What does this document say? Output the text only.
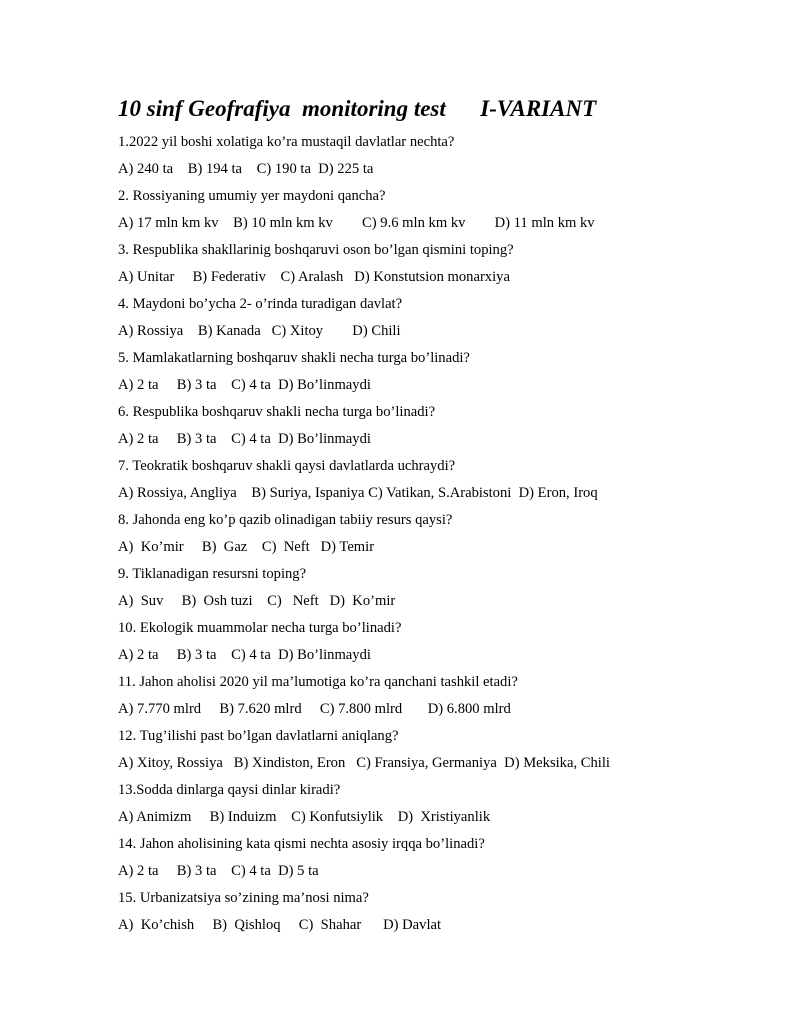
10 sinf Geofrafiya  monitoring test      I-VARIANT
1.2022 yil boshi xolatiga ko’ra mustaqil davlatlar nechta?
A) 240 ta    B) 194 ta    C) 190 ta  D) 225 ta
2. Rossiyaning umumiy yer maydoni qancha?
A) 17 mln km kv    B) 10 mln km kv        C) 9.6 mln km kv        D) 11 mln km kv
3. Respublika shakllarinig boshqaruvi oson bo’lgan qismini toping?
A) Unitar     B) Federativ    C) Aralash   D) Konstutsion monarxiya
4. Maydoni bo’ycha 2- o’rinda turadigan davlat?
A) Rossiya    B) Kanada   C) Xitoy        D) Chili
5. Mamlakatlarning boshqaruv shakli necha turga bo’linadi?
A) 2 ta     B) 3 ta    C) 4 ta  D) Bo’linmaydi
6. Respublika boshqaruv shakli necha turga bo’linadi?
A) 2 ta     B) 3 ta    C) 4 ta  D) Bo’linmaydi
7. Teokratik boshqaruv shakli qaysi davlatlarda uchraydi?
A) Rossiya, Angliya    B) Suriya, Ispaniya C) Vatikan, S.Arabistoni  D) Eron, Iroq
8. Jahonda eng ko’p qazib olinadigan tabiiy resurs qaysi?
A)  Ko’mir     B)  Gaz    C)  Neft   D) Temir
9. Tiklanadigan resursni toping?
A)  Suv     B)  Osh tuzi    C)   Neft   D)  Ko’mir
10. Ekologik muammolar necha turga bo’linadi?
A) 2 ta     B) 3 ta    C) 4 ta  D) Bo’linmaydi
11. Jahon aholisi 2020 yil ma’lumotiga ko’ra qanchani tashkil etadi?
A) 7.770 mlrd     B) 7.620 mlrd     C) 7.800 mlrd       D) 6.800 mlrd
12. Tug’ilishi past bo’lgan davlatlarni aniqlang?
A) Xitoy, Rossiya   B) Xindiston, Eron   C) Fransiya, Germaniya  D) Meksika, Chili
13.Sodda dinlarga qaysi dinlar kiradi?
A) Animizm     B) Induizm    C) Konfutsiylik    D)  Xristiyanlik
14. Jahon aholisining kata qismi nechta asosiy irqqa bo’linadi?
A) 2 ta     B) 3 ta    C) 4 ta  D) 5 ta
15. Urbanizatsiya so’zining ma’nosi nima?
A)  Ko’chish     B)  Qishloq     C)  Shahar      D) Davlat
